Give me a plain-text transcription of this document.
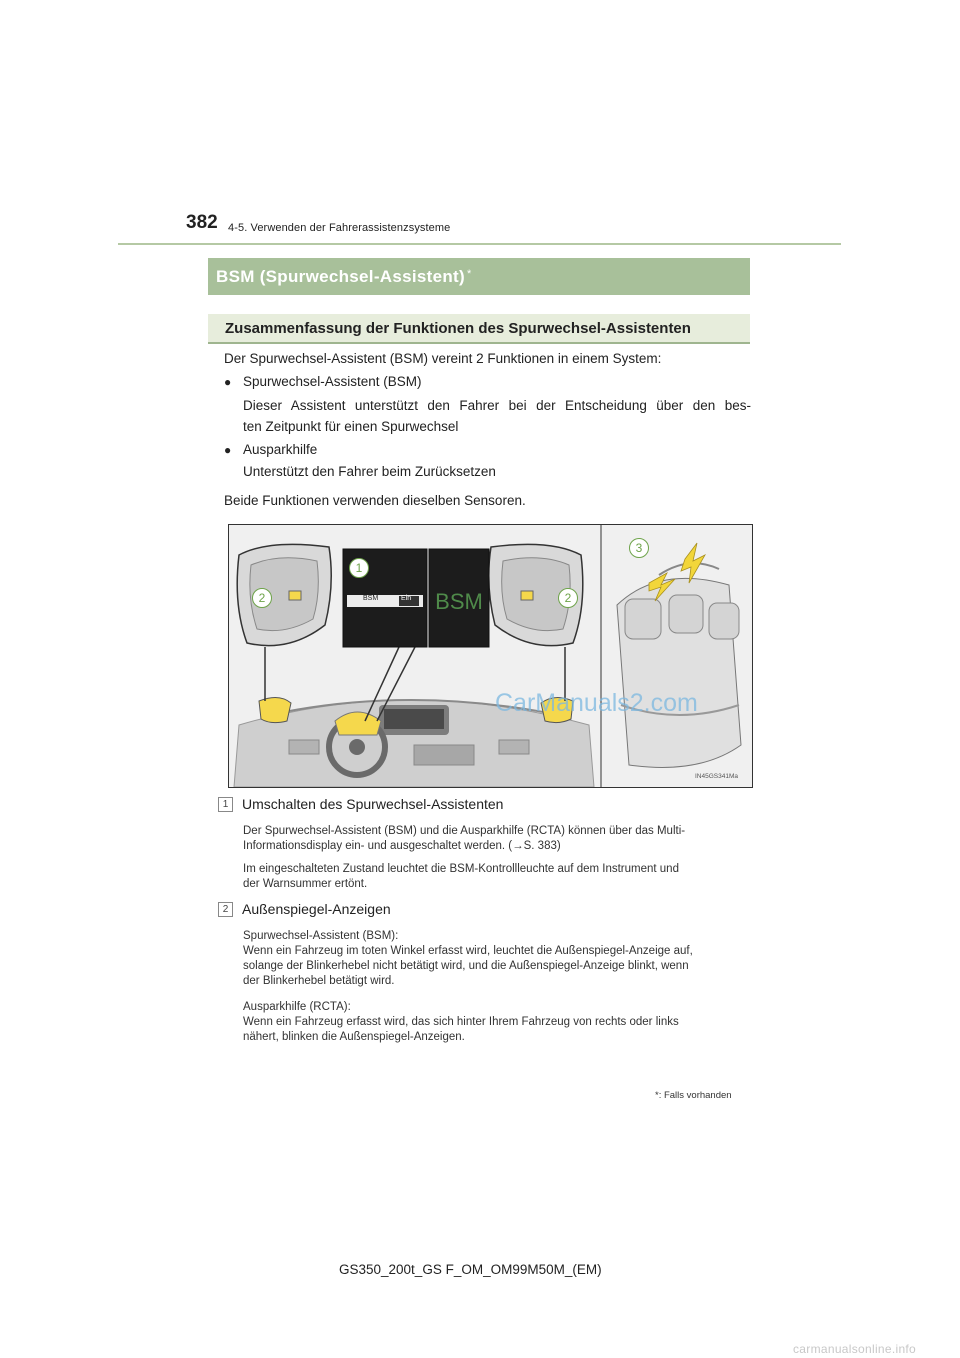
382 4-5. Verwenden der Fahrerassistenzsysteme
BSM (Spurwechsel-Assistent)*
Zusammenfassung der Funktionen des Spurwechsel-Assistenten
Der Spurwechsel-Assistent (BSM) vereint 2 Funktionen in einem System:
● Spurwechsel-Assistent (BSM)
Dieser Assistent unterstützt den Fahrer bei der Entscheidung über den bes-
ten Zeitpunkt für einen Spurwechsel
● Ausparkhilfe
Unterstützt den Fahrer beim Zurücksetzen
Beide Funktionen verwenden dieselben Sensoren.
BSM
BSM	Ein
1
2	2
3
CarManuals2.com
IN45GS341Ma
1 Umschalten des Spurwechsel-Assistenten
Der Spurwechsel-Assistent (BSM) und die Ausparkhilfe (RCTA) können über das Multi-
Informationsdisplay ein- und ausgeschaltet werden. (→S. 383)
Im eingeschalteten Zustand leuchtet die BSM-Kontrollleuchte auf dem Instrument und
der Warnsummer ertönt.
2 Außenspiegel-Anzeigen
Spurwechsel-Assistent (BSM):
Wenn ein Fahrzeug im toten Winkel erfasst wird, leuchtet die Außenspiegel-Anzeige auf,
solange der Blinkerhebel nicht betätigt wird, und die Außenspiegel-Anzeige blinkt, wenn
der Blinkerhebel betätigt wird.
Ausparkhilfe (RCTA):
Wenn ein Fahrzeug erfasst wird, das sich hinter Ihrem Fahrzeug von rechts oder links
nähert, blinken die Außenspiegel-Anzeigen.
*: Falls vorhanden
GS350_200t_GS F_OM_OM99M50M_(EM)
carmanualsonline.info
